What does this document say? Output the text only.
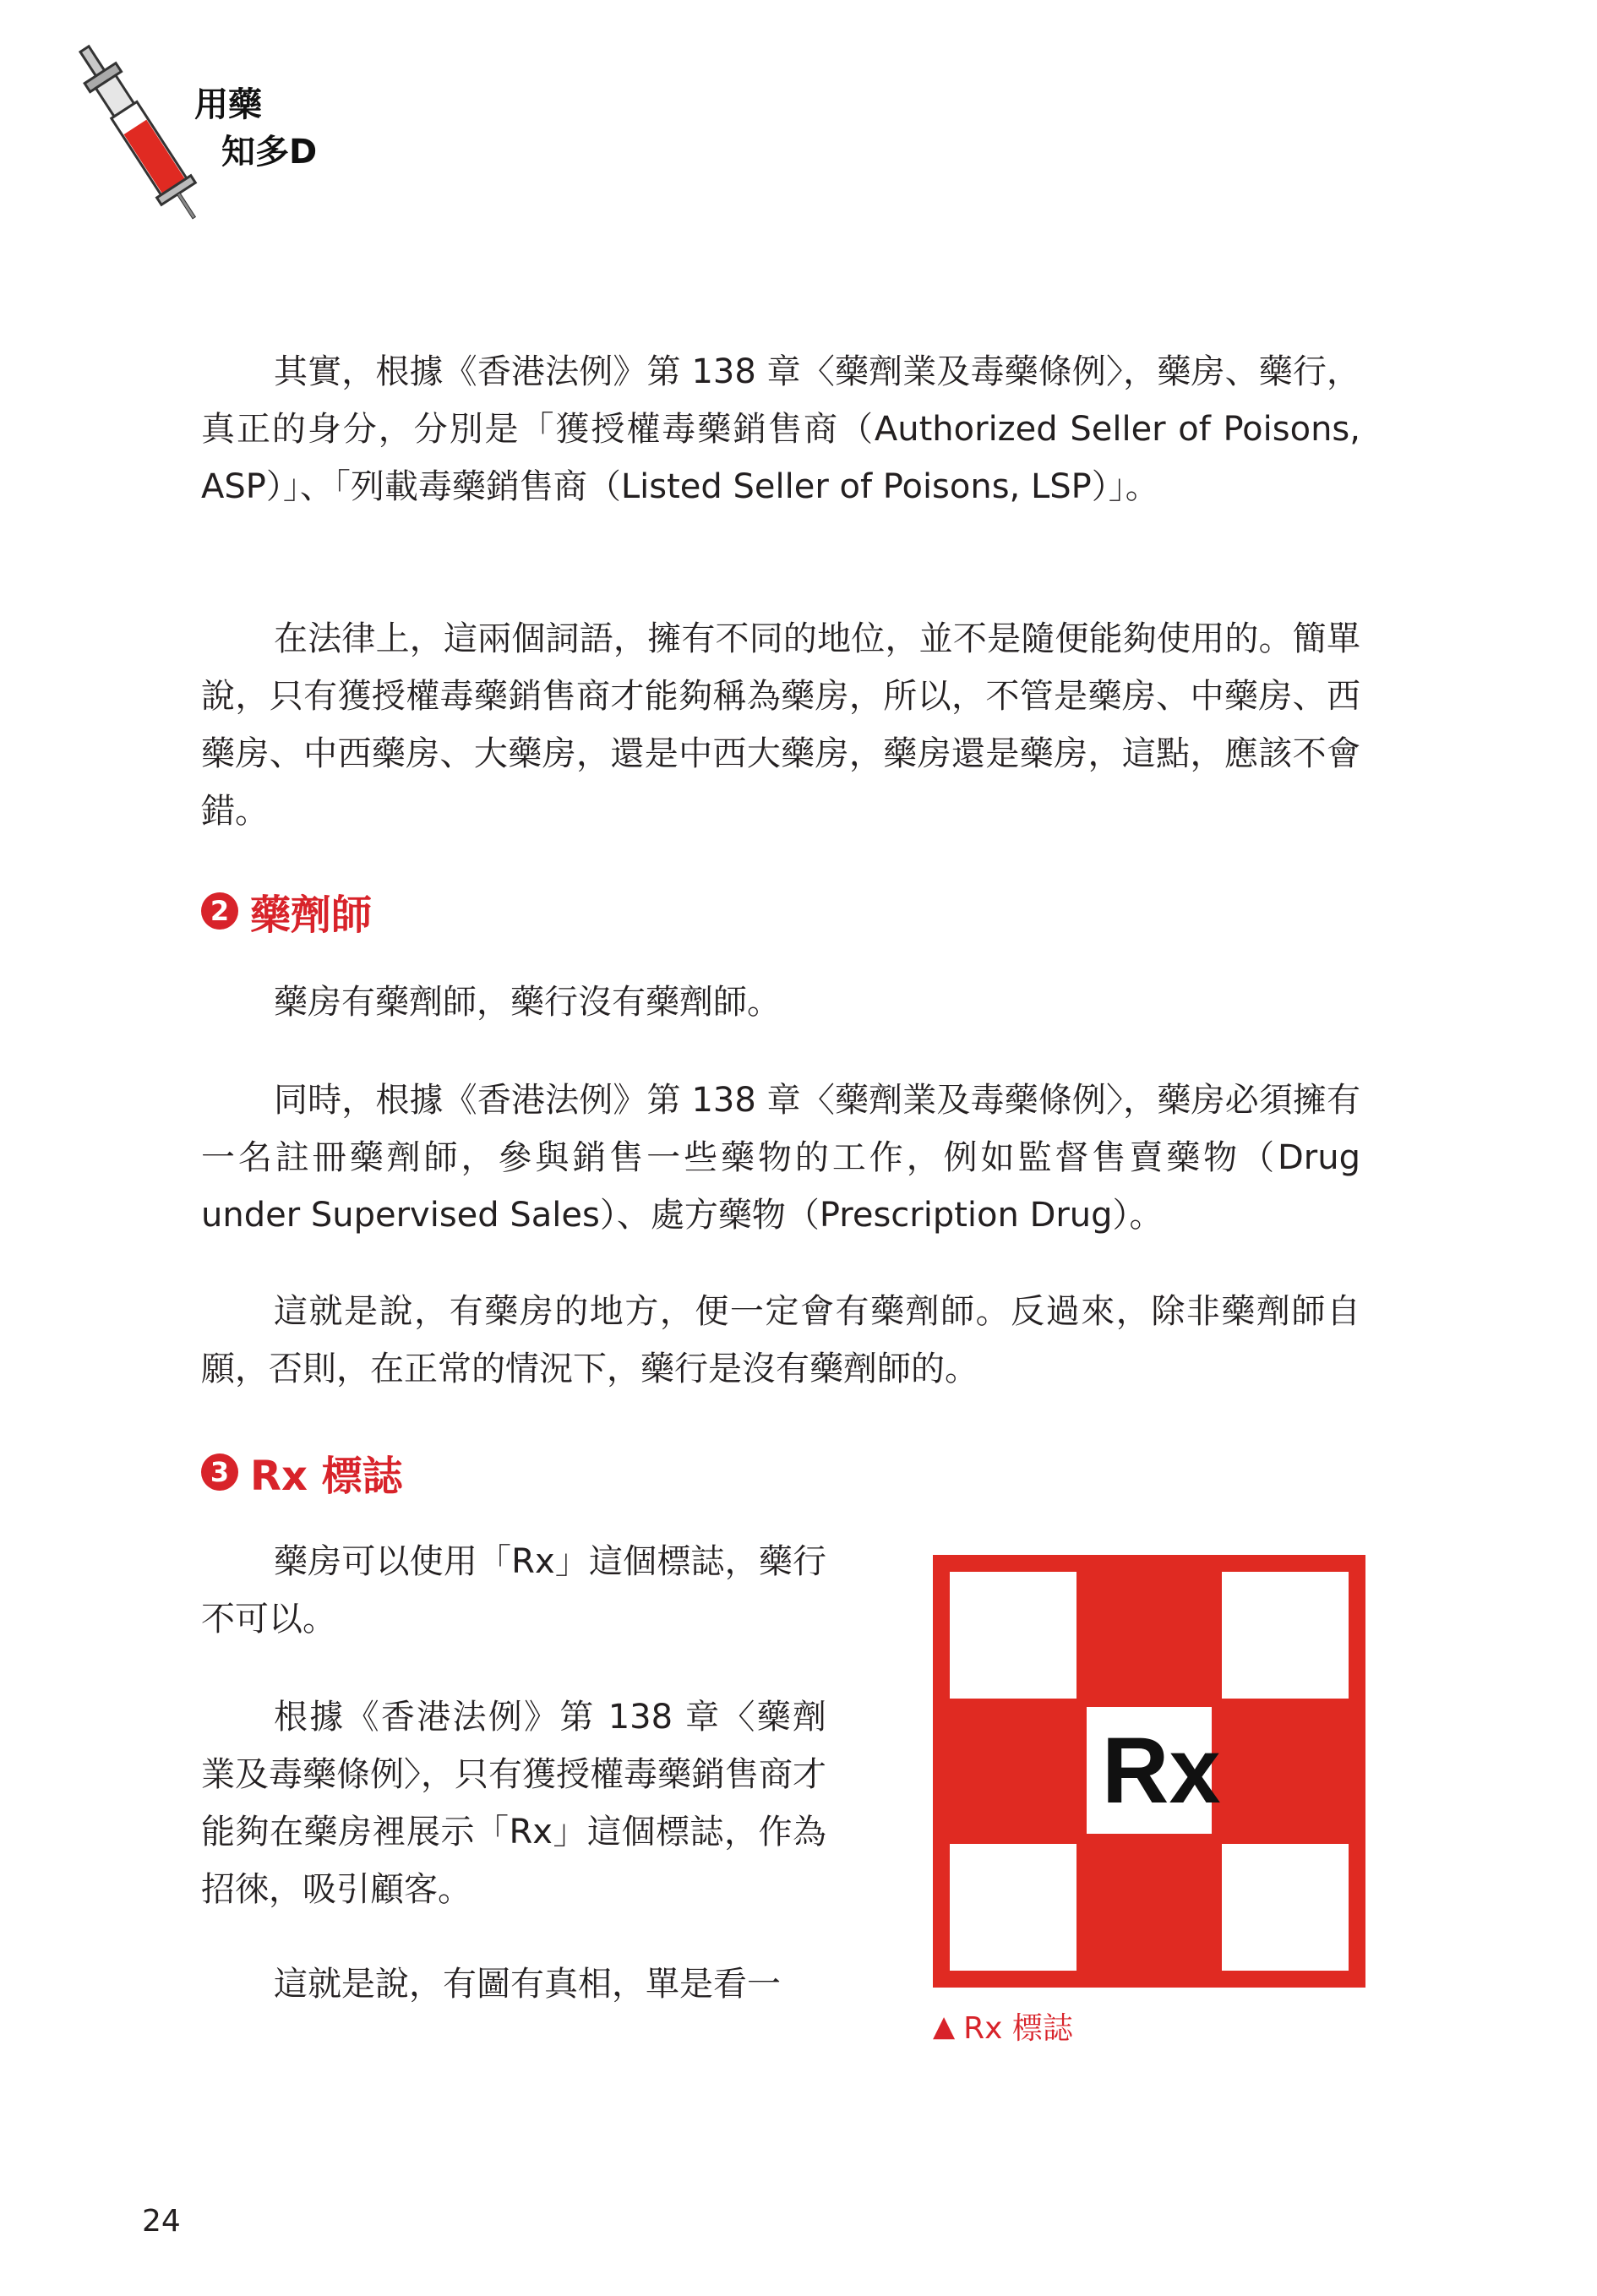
用藥
知多D

其實，根據《香港法例》第 138 章〈藥劑業及毒藥條例〉，藥房、藥行，真正的身分，分別是「獲授權毒藥銷售商（Authorized Seller of Poisons, ASP）」、「列載毒藥銷售商（Listed Seller of Poisons, LSP）」。

在法律上，這兩個詞語，擁有不同的地位，並不是隨便能夠使用的。簡單說，只有獲授權毒藥銷售商才能夠稱為藥房，所以，不管是藥房、中藥房、西藥房、中西藥房、大藥房，還是中西大藥房，藥房還是藥房，這點，應該不會錯。

2 藥劑師

藥房有藥劑師，藥行沒有藥劑師。

同時，根據《香港法例》第 138 章〈藥劑業及毒藥條例〉，藥房必須擁有一名註冊藥劑師，參與銷售一些藥物的工作，例如監督售賣藥物（Drug under Supervised Sales）、處方藥物（Prescription Drug）。

這就是說，有藥房的地方，便一定會有藥劑師。反過來，除非藥劑師自願，否則，在正常的情況下，藥行是沒有藥劑師的。

3 Rx 標誌

藥房可以使用「Rx」這個標誌，藥行不可以。

根據《香港法例》第 138 章〈藥劑業及毒藥條例〉，只有獲授權毒藥銷售商才能夠在藥房裡展示「Rx」這個標誌，作為招徠，吸引顧客。

這就是說，有圖有真相，單是看一

Rx
▲ Rx 標誌
24
